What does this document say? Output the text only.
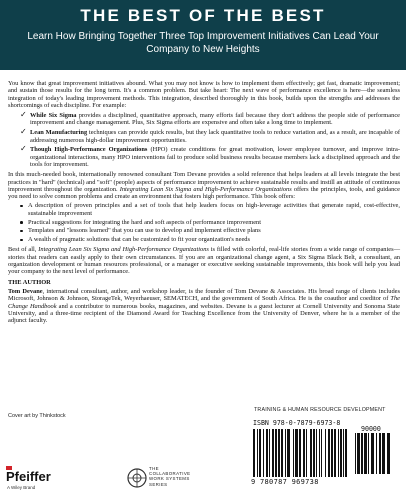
THE BEST OF THE BEST
Learn How Bringing Together Three Top Improvement Initiatives Can Lead Your Company to New Heights

You know that great improvement initiatives abound. What you may not know is how to implement them effectively; get fast, dramatic improvement; and sustain those results for the long term. It's a common problem. But take heart: The next wave of performance excellence is here—the seamless integration of today's leading improvement methods. This integration, described thoroughly in this book, builds upon the strengths and addresses the shortcomings of each discipline. For example:

✓ While Six Sigma provides a disciplined, quantitative approach, many efforts fail because they don't address the people side of performance improvement and change management. Plus, Six Sigma efforts are expensive and often take a long time to implement.
✓ Lean Manufacturing techniques can provide quick results, but they lack quantitative tools to reduce variation and, as a result, are incapable of addressing numerous high-dollar improvement opportunities.
✓ Though High-Performance Organizations (HPO) create conditions for great motivation, lower employee turnover, and improve intra-organizational interactions, many HPO interventions fail to produce solid business results because members lack a disciplined approach and the tools for improvement.

In this much-needed book, internationally renowned consultant Tom Devane provides a solid reference that helps leaders at all levels integrate the best practices in "hard" (technical) and "soft" (people) aspects of performance improvement to achieve sustainable results and instill an attitude of continuous improvement throughout the organization. Integrating Lean Six Sigma and High-Performance Organizations offers the principles, tools, and guidance you need to solve common problems and create an environment that fosters high performance. This book offers:

A description of proven principles and a set of tools that help leaders focus on high-leverage activities that generate rapid, cost-effective, sustainable improvement
Practical suggestions for integrating the hard and soft aspects of performance improvement
Templates and "lessons learned" that you can use to develop and implement effective plans
A wealth of pragmatic solutions that can be customized to fit your organization's needs

Best of all, Integrating Lean Six Sigma and High-Performance Organizations is filled with colorful, real-life stories from a wide range of companies—stories that readers can easily apply to their own circumstances. If you are an organizational change agent, a Six Sigma Black Belt, a consultant, an organization development or human resources professional, or a manager or executive seeking sustainable improvements, this book will help you lead your company to the next level of performance.

THE AUTHOR

Tom Devane, international consultant, author, and workshop leader, is the founder of Tom Devane & Associates. His broad range of clients includes Microsoft, Johnson & Johnson, StorageTek, Weyerhaeuser, SEMATECH, and the government of South Africa. He is the coauthor and coeditor of The Change Handbook and a contributor to numerous books, magazines, and websites. Devane is a guest lecturer at Cornell University and Sonoma State University, and a three-time recipient of the Diamond Award for Teaching Excellence from the University of Denver, where he is a member of the adjunct faculty.

Cover art by Thinkstock
Pfeiffer
A Wiley Brand
THE
COLLABORATIVE
WORK SYSTEMS
SERIES
TRAINING & HUMAN RESOURCE DEVELOPMENT
ISBN 978-0-7879-6973-8
90000
9 780787 969738
